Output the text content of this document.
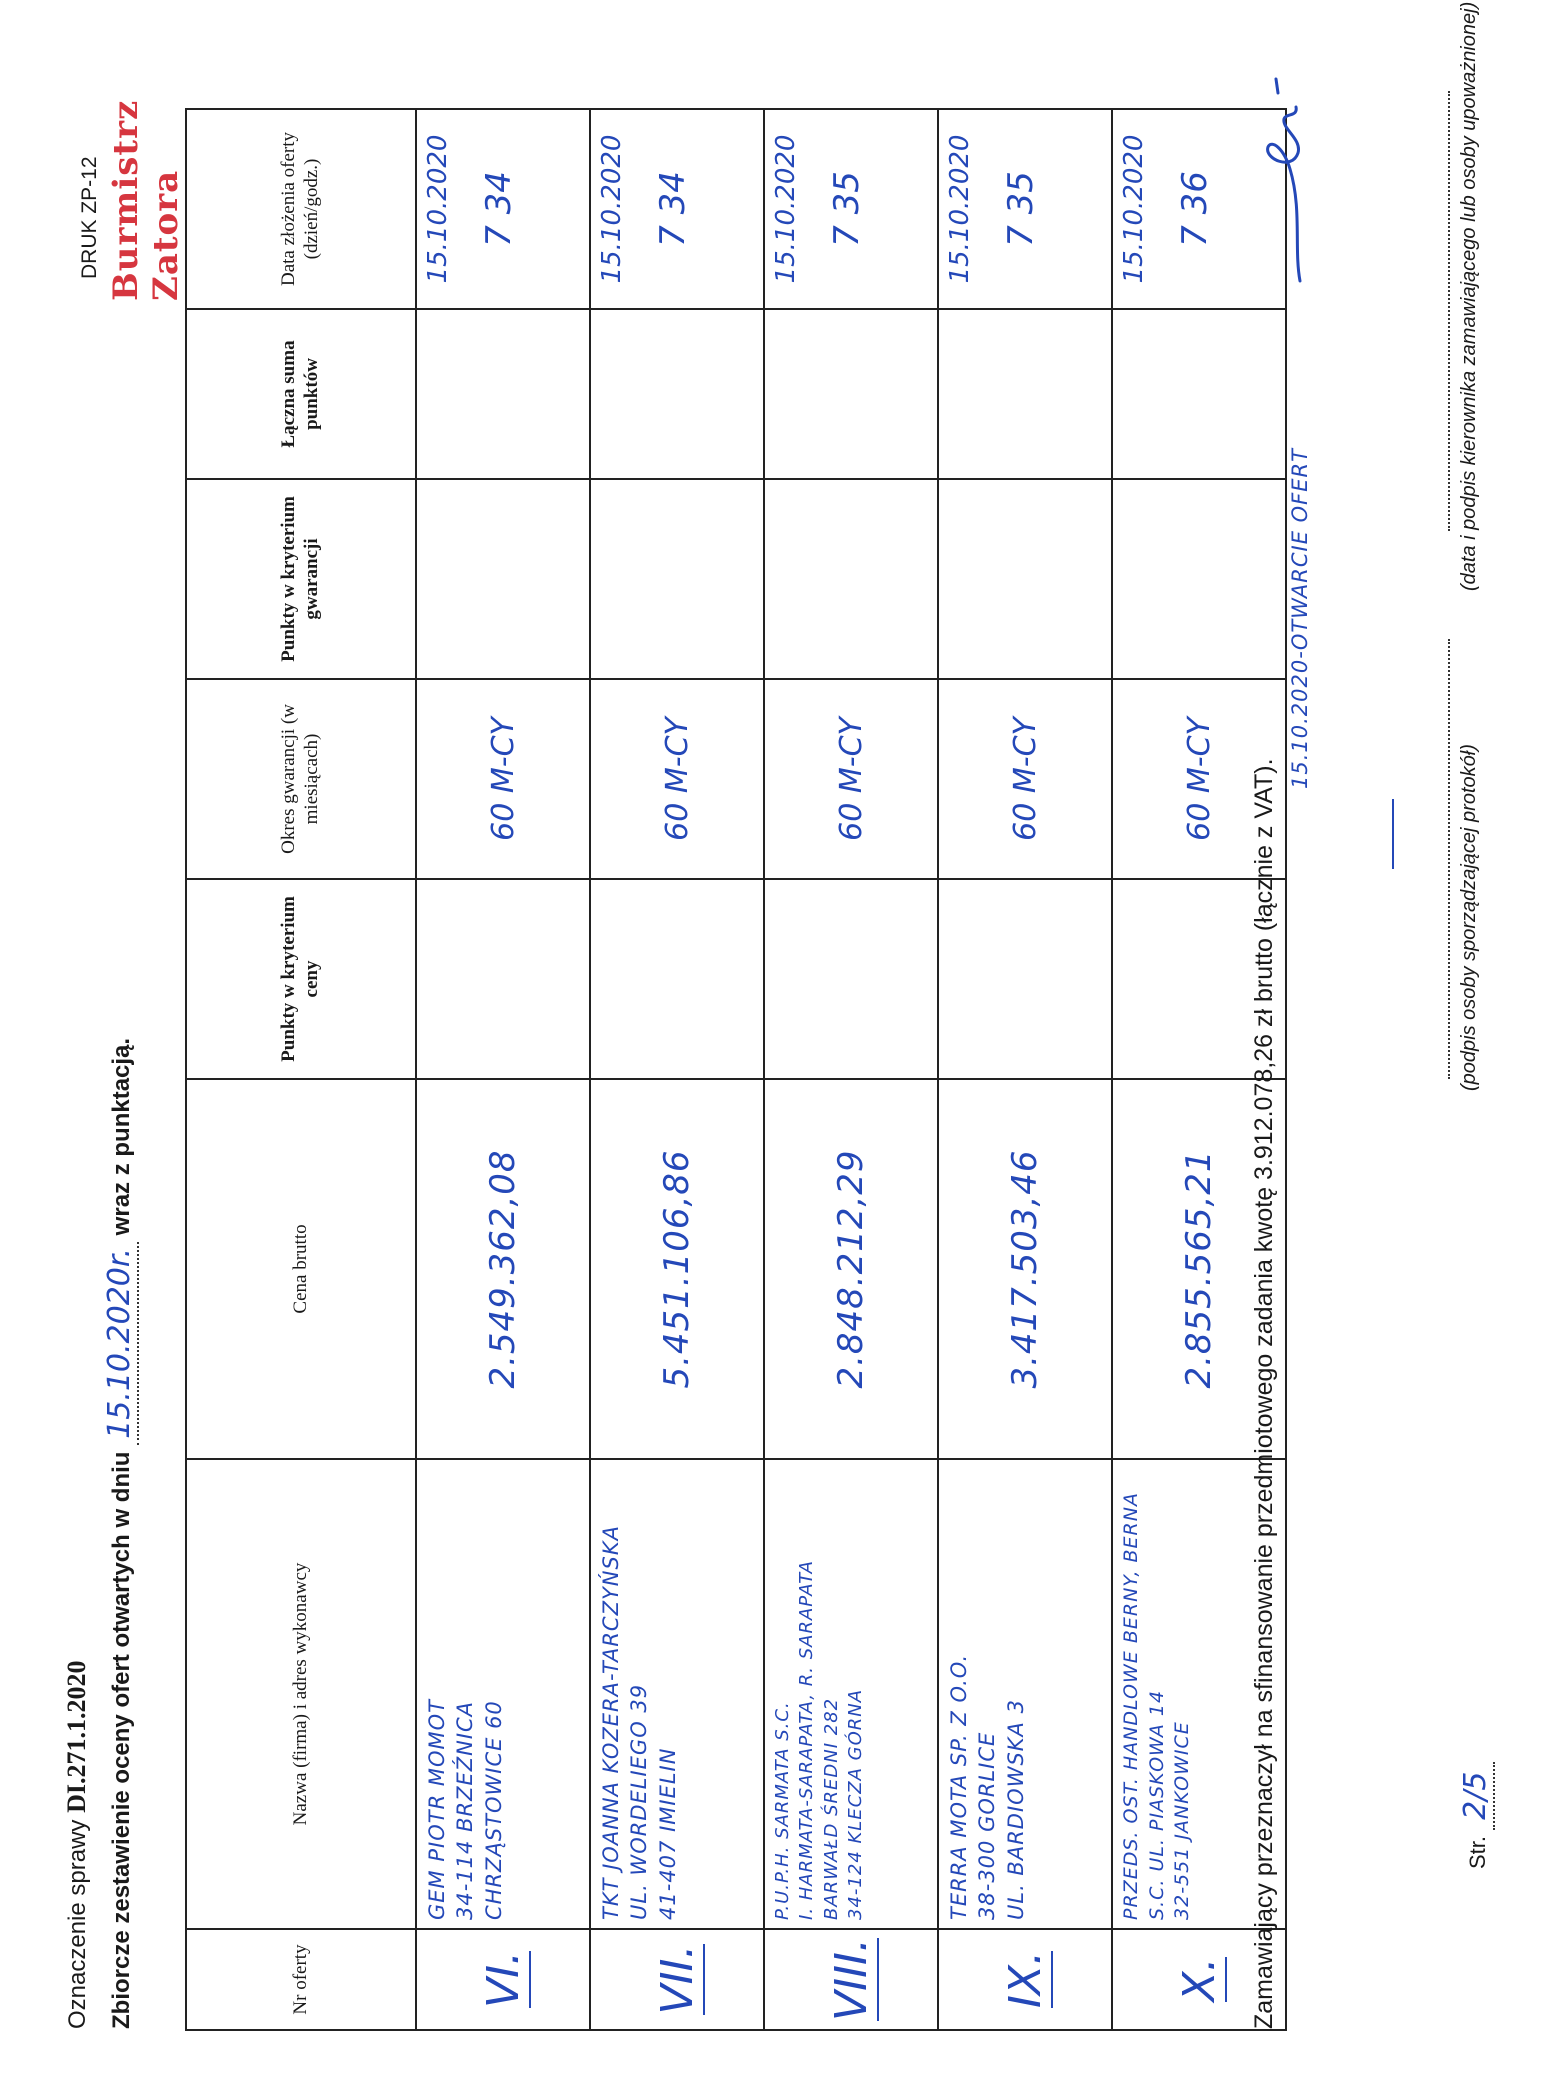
Oznaczenie sprawy DI.271.1.2020 Zbiorcze zestawienie oceny ofert otwartych w dniu 15.10.2020r. wraz z punktacją.
DRUK ZP-12 Burmistrz Zatora
Nr oferty	Nazwa (firma) i adres wykonawcy	Cena brutto	Punkty w kryterium ceny	Okres gwarancji (w miesiącach)	Punkty w kryterium gwarancji	Łączna suma punktów	Data złożenia oferty (dzień/godz.)
VI.	GEM PIOTR MOMOT
34-114 BRZEŹNICA
CHRZĄSTOWICE 60	2.549.362,08		60 M-CY			15.10.2020 7 34

VII.	TKT JOANNA KOZERA-TARCZYŃSKA
UL. WORDELIEGO 39
41-407 IMIELIN	5.451.106,86		60 M-CY			15.10.2020 7 34

VIII.	P.U.P.H. SARMATA S.C.
I. HARMATA-SARAPATA, R. SARAPATA
BARWAŁD ŚREDNI 282
34-124 KLECZA GÓRNA	2.848.212,29		60 M-CY			15.10.2020 7 35

IX.	TERRA MOTA SP. Z O.O.
38-300 GORLICE
UL. BARDIOWSKA 3	3.417.503,46		60 M-CY			15.10.2020 7 35

X.	PRZEDS. OST. HANDLOWE BERNY, BERNA
S.C. UL. PIASKOWA 14
32-551 JANKOWICE	2.855.565,21		60 M-CY			15.10.2020 7 36
Zamawiający przeznaczył na sfinansowanie przedmiotowego zadania kwotę 3.912.078,26 zł brutto (łącznie z VAT).
15.10.2020-OTWARCIE OFERT
Str. 2/5
(podpis osoby sporządzającej protokół)
(data i podpis kierownika zamawiającego lub osoby upoważnionej)
